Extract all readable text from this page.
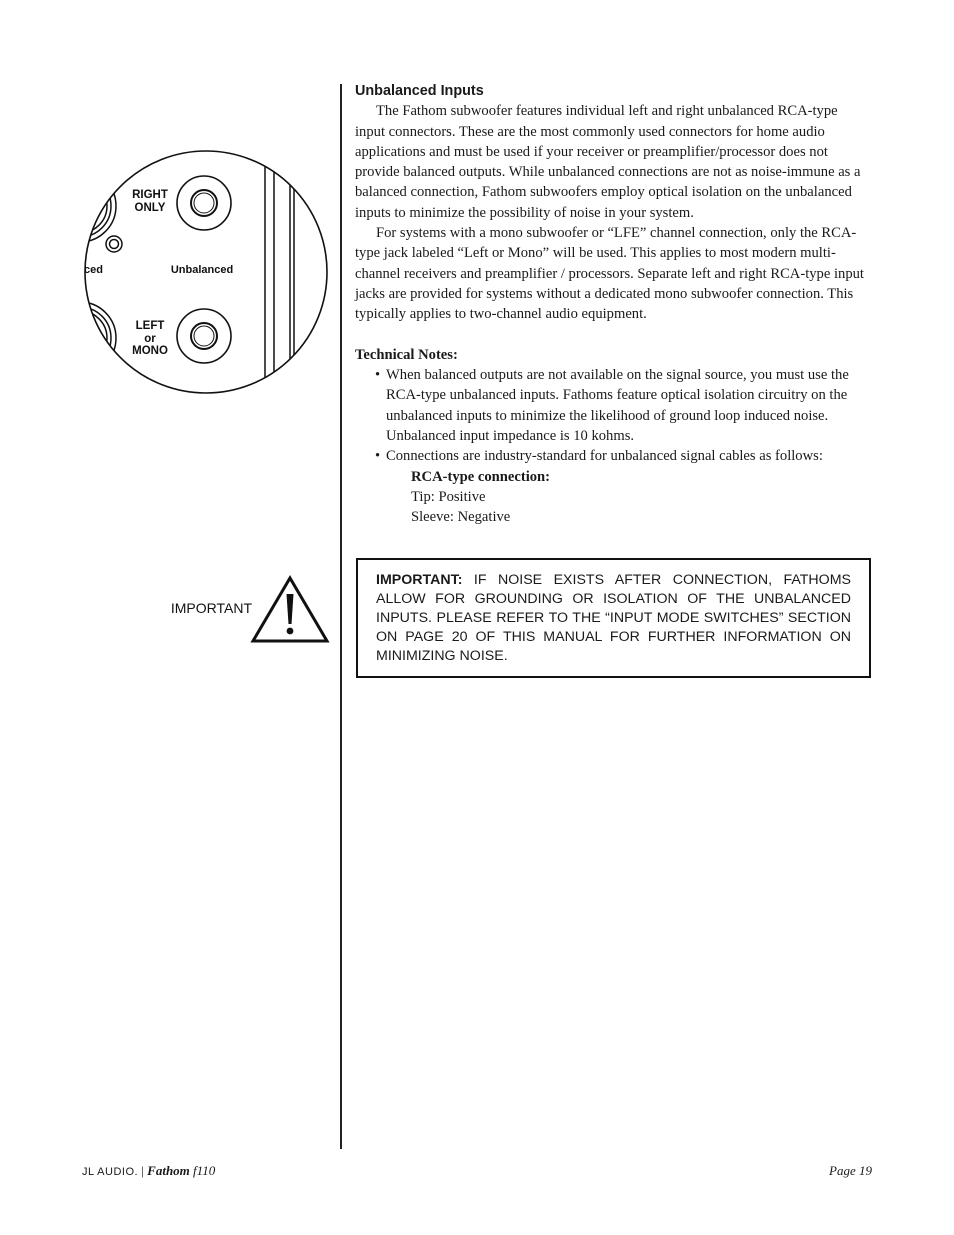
RIGHT
ONLY
Unbalanced
ced
LEFT
or
MONO
IMPORTANT
Unbalanced Inputs

The Fathom subwoofer features individual left and right unbalanced RCA-type input connectors. These are the most commonly used connectors for home audio applications and must be used if your receiver or preamplifier/processor does not provide balanced outputs. While unbalanced connections are not as noise-immune as a balanced connection, Fathom subwoofers employ optical isolation on the unbalanced inputs to minimize the possibility of noise in your system.

For systems with a mono subwoofer or “LFE” channel connection, only the RCA-type jack labeled “Left or Mono” will be used. This applies to most modern multi-channel receivers and preamplifier / processors. Separate left and right RCA-type input jacks are provided for systems without a dedicated mono subwoofer connection. This typically applies to two-channel audio equipment.

Technical Notes:
• When balanced outputs are not available on the signal source, you must use the RCA-type unbalanced inputs. Fathoms feature optical isolation circuitry on the unbalanced inputs to minimize the likelihood of ground loop induced noise. Unbalanced input impedance is 10 kohms.
• Connections are industry-standard for unbalanced signal cables as follows:
RCA-type connection:
Tip: Positive
Sleeve: Negative
IMPORTANT: IF NOISE EXISTS AFTER CONNECTION, FATHOMS ALLOW FOR GROUNDING OR ISOLATION OF THE UNBALANCED INPUTS. PLEASE REFER TO THE “INPUT MODE SWITCHES” SECTION ON PAGE 20 OF THIS MANUAL FOR FURTHER INFORMATION ON MINIMIZING NOISE.
JL AUDIO. | Fathom f110	Page 19
